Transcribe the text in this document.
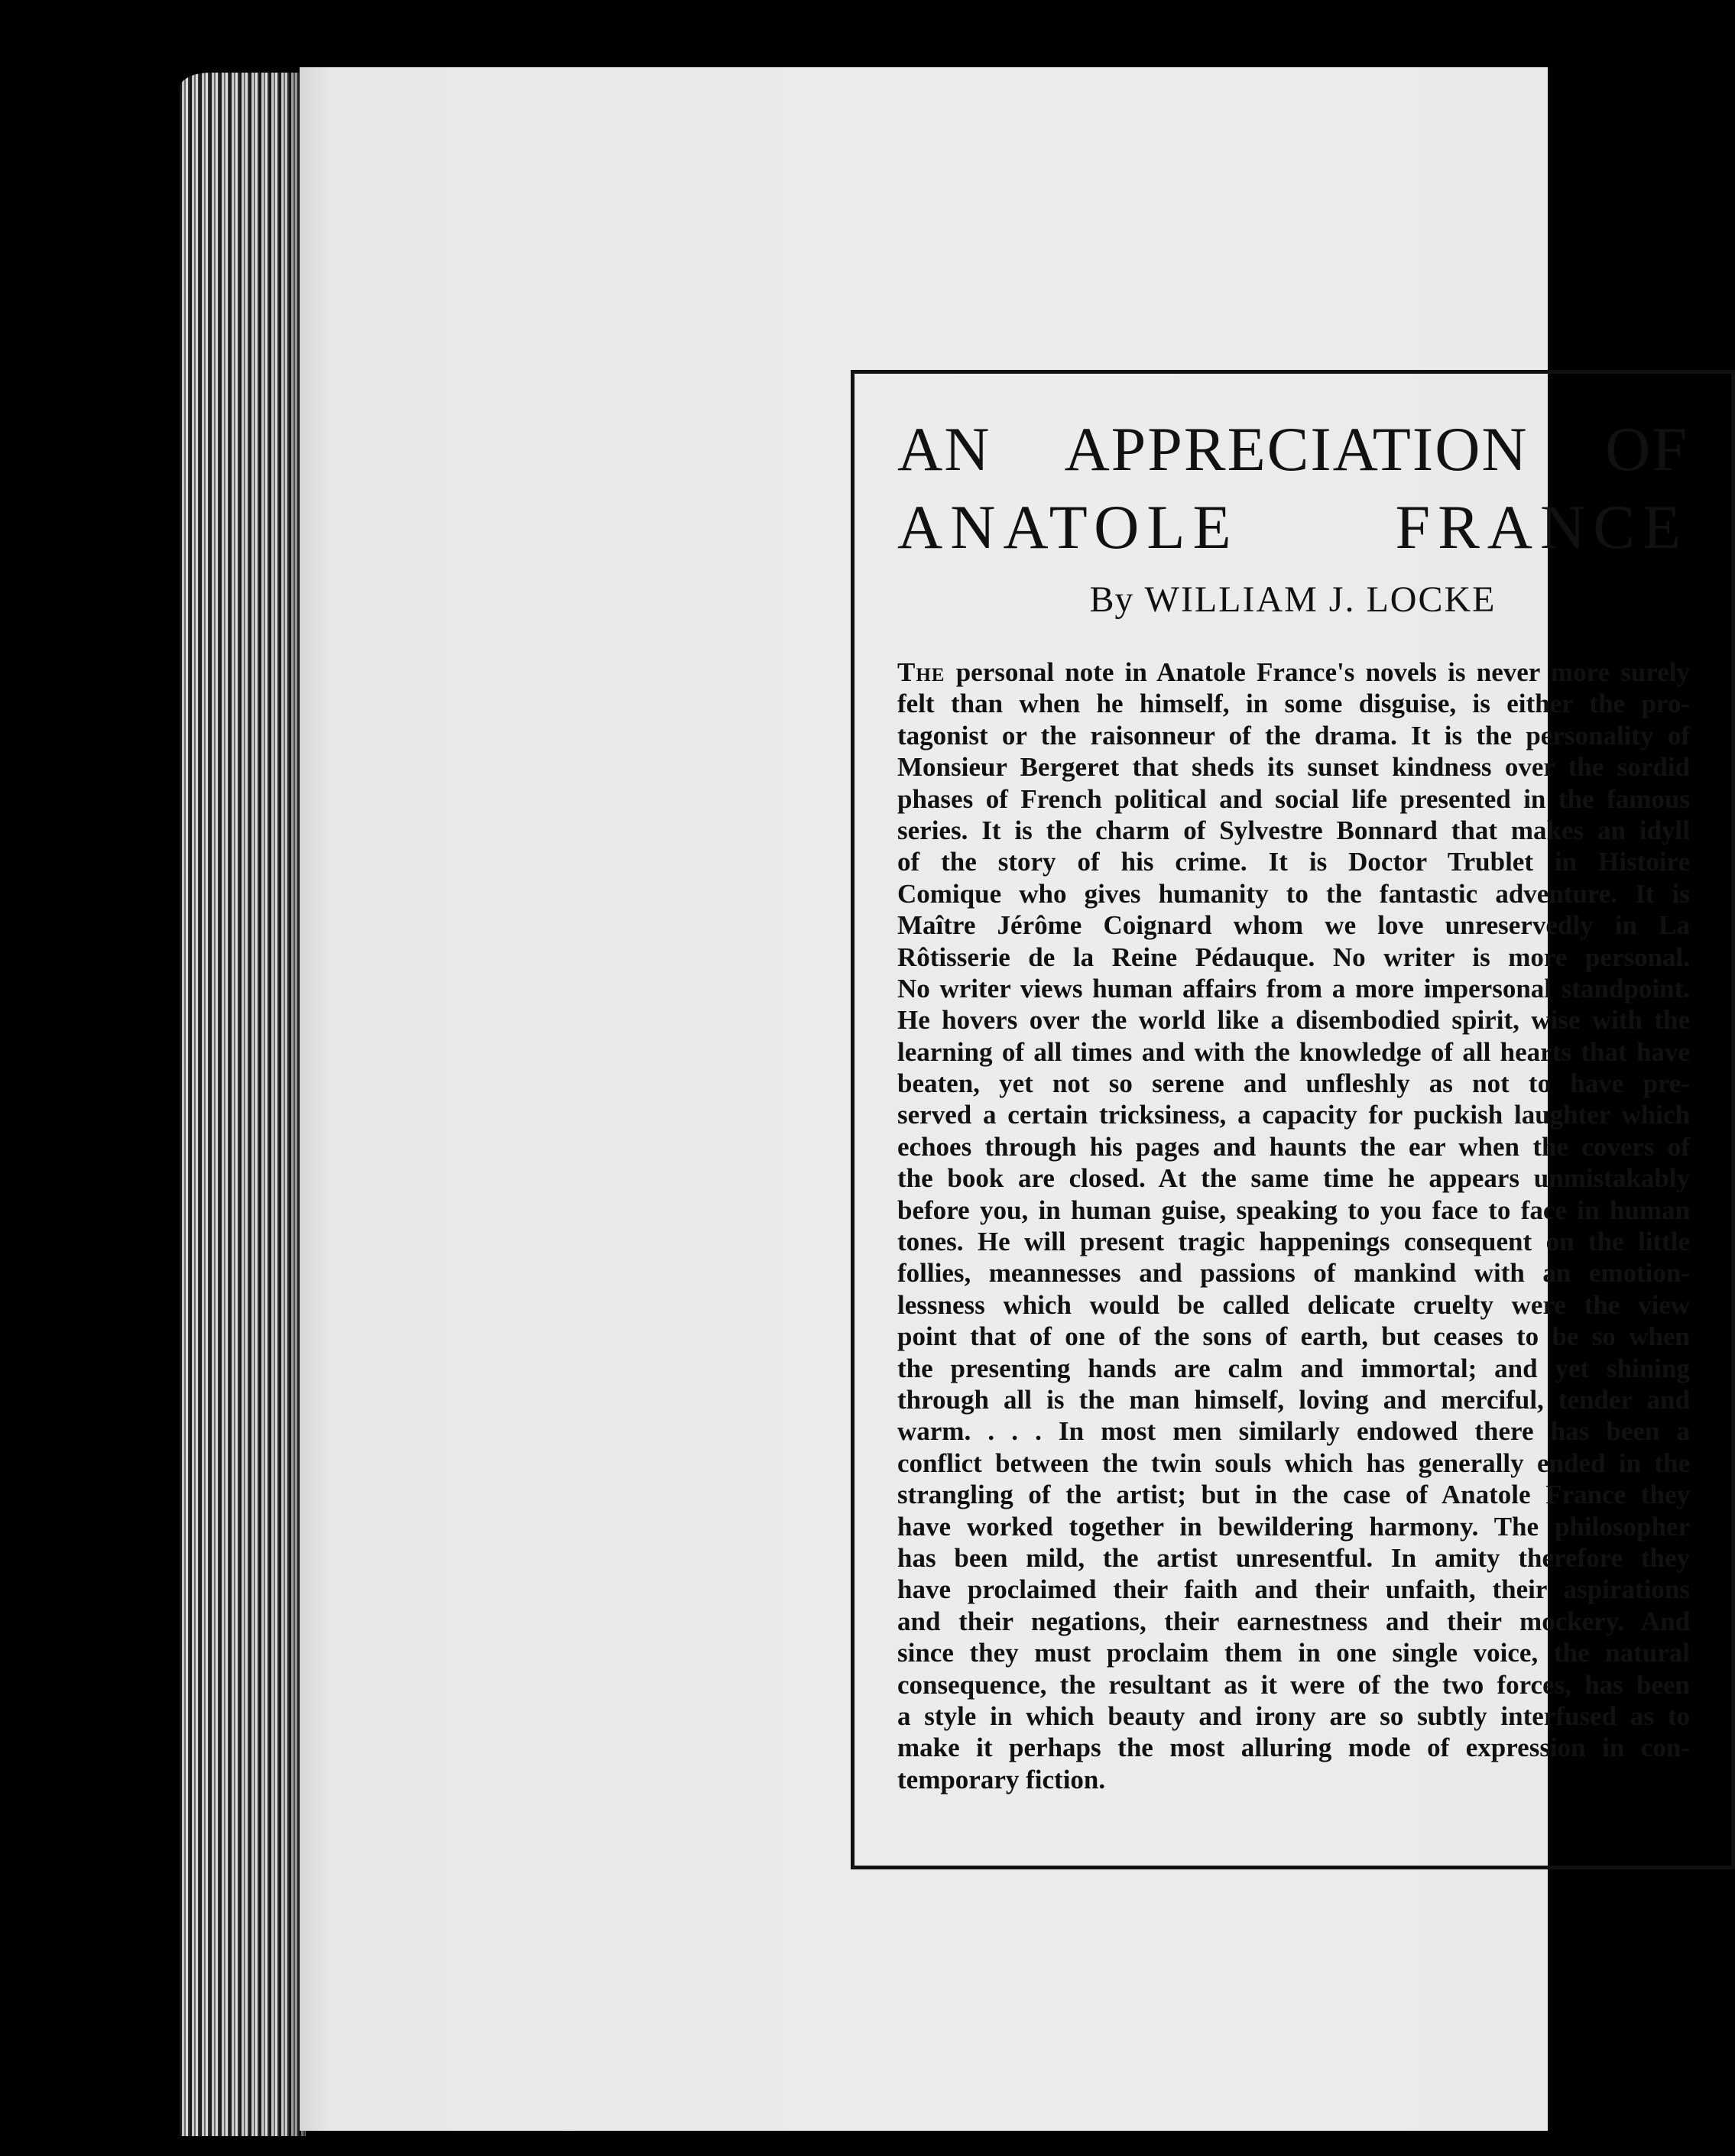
AN APPRECIATION OF
ANATOLE FRANCE
By WILLIAM J. LOCKE
The personal note in Anatole France's novels is never more surely
felt than when he himself, in some disguise, is either the pro-
tagonist or the raisonneur of the drama. It is the personality of
Monsieur Bergeret that sheds its sunset kindness over the sordid
phases of French political and social life presented in the famous
series. It is the charm of Sylvestre Bonnard that makes an idyll
of the story of his crime. It is Doctor Trublet in Histoire
Comique who gives humanity to the fantastic adventure. It is
Maître Jérôme Coignard whom we love unreservedly in La
Rôtisserie de la Reine Pédauque. No writer is more personal.
No writer views human affairs from a more impersonal standpoint.
He hovers over the world like a disembodied spirit, wise with the
learning of all times and with the knowledge of all hearts that have
beaten, yet not so serene and unfleshly as not to have pre-
served a certain tricksiness, a capacity for puckish laughter which
echoes through his pages and haunts the ear when the covers of
the book are closed. At the same time he appears unmistakably
before you, in human guise, speaking to you face to face in human
tones. He will present tragic happenings consequent on the little
follies, meannesses and passions of mankind with an emotion-
lessness which would be called delicate cruelty were the view
point that of one of the sons of earth, but ceases to be so when
the presenting hands are calm and immortal; and yet shining
through all is the man himself, loving and merciful, tender and
warm. . . . In most men similarly endowed there has been a
conflict between the twin souls which has generally ended in the
strangling of the artist; but in the case of Anatole France they
have worked together in bewildering harmony. The philosopher
has been mild, the artist unresentful. In amity therefore they
have proclaimed their faith and their unfaith, their aspirations
and their negations, their earnestness and their mockery. And
since they must proclaim them in one single voice, the natural
consequence, the resultant as it were of the two forces, has been
a style in which beauty and irony are so subtly interfused as to
make it perhaps the most alluring mode of expression in con-
temporary fiction.
